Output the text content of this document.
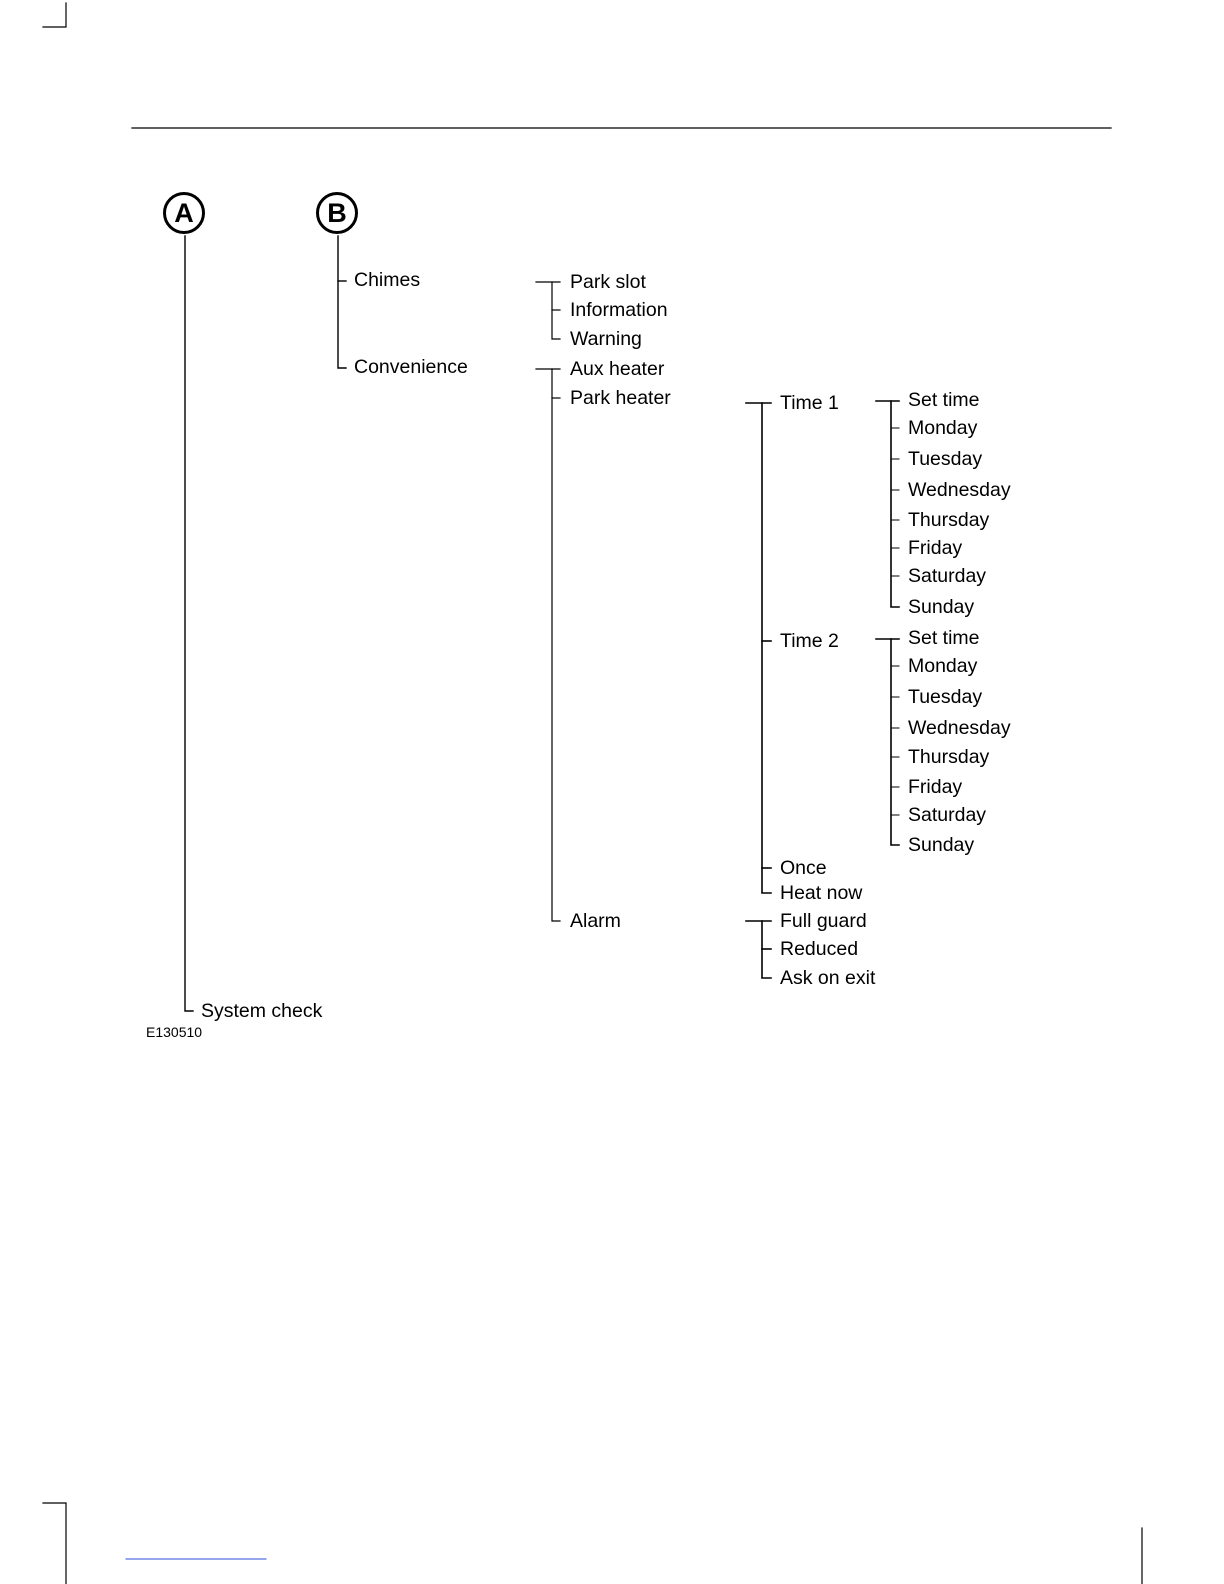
A	B
Chimes
Convenience
System check
Park slot
Information
Warning
Aux heater
Park heater
Alarm
Time 1
Time 2
Once
Heat now
Set time
Monday
Tuesday
Wednesday
Thursday
Friday
Saturday
Sunday
Set time
Monday
Tuesday
Wednesday
Thursday
Friday
Saturday
Sunday
Full guard
Reduced
Ask on exit
E130510
